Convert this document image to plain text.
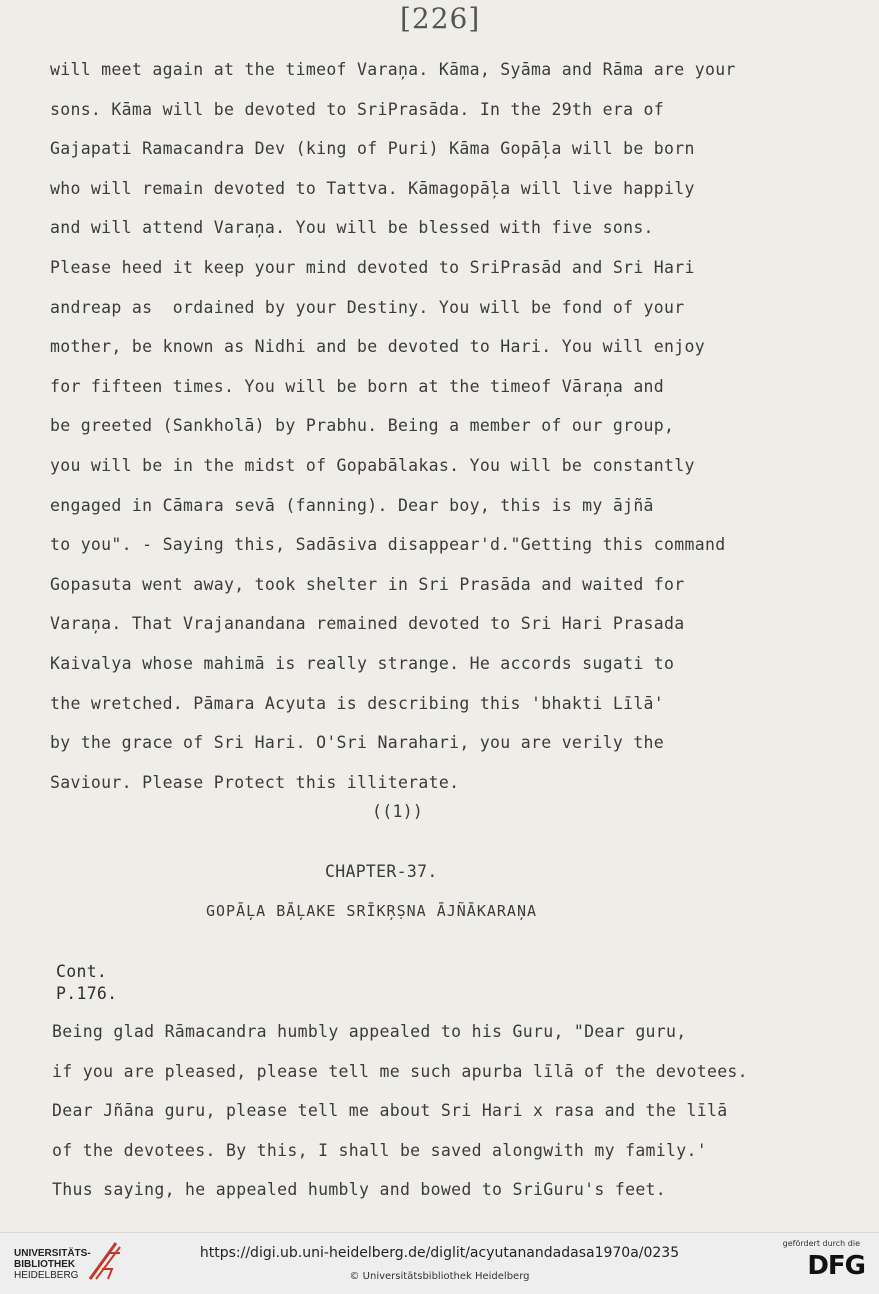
[226]
will meet again at the timeof Varaņa. Kāma, Syāma and Rāma are your
sons. Kāma will be devoted to SriPrasāda. In the 29th era of
Gajapati Ramacandra Dev (king of Puri) Kāma Gopāļa will be born
who will remain devoted to Tattva. Kāmagopāļa will live happily
and will attend Varaņa. You will be blessed with five sons.
Please heed it keep your mind devoted to SriPrasād and Sri Hari
andreap as  ordained by your Destiny. You will be fond of your
mother, be known as Nidhi and be devoted to Hari. You will enjoy
for fifteen times. You will be born at the timeof Vāraņa and
be greeted (Sankholā) by Prabhu. Being a member of our group,
you will be in the midst of Gopabālakas. You will be constantly
engaged in Cāmara sevā (fanning). Dear boy, this is my ājñā
to you". - Saying this, Sadāsiva disappear'd."Getting this command
Gopasuta went away, took shelter in Sri Prasāda and waited for
Varaņa. That Vrajanandana remained devoted to Sri Hari Prasada
Kaivalya whose mahimā is really strange. He accords sugati to
the wretched. Pāmara Acyuta is describing this 'bhakti Līlā'
by the grace of Sri Hari. O'Sri Narahari, you are verily the
Saviour. Please Protect this illiterate.
((1))
CHAPTER-37.
GOPĀĻA BĀĻAKE SRĪKŖṢNA ĀJÑĀKARAŅA
Cont.
P.176.
Being glad Rāmacandra humbly appealed to his Guru, "Dear guru,
if you are pleased, please tell me such apurba līlā of the devotees.
Dear Jñāna guru, please tell me about Sri Hari x rasa and the līlā
of the devotees. By this, I shall be saved alongwith my family.'
Thus saying, he appealed humbly and bowed to SriGuru's feet.
UNIVERSITÄTS-
BIBLIOTHEK
HEIDELBERG
https://digi.ub.uni-heidelberg.de/diglit/acyutanandadasa1970a/0235
© Universitätsbibliothek Heidelberg
gefördert durch die
DFG
